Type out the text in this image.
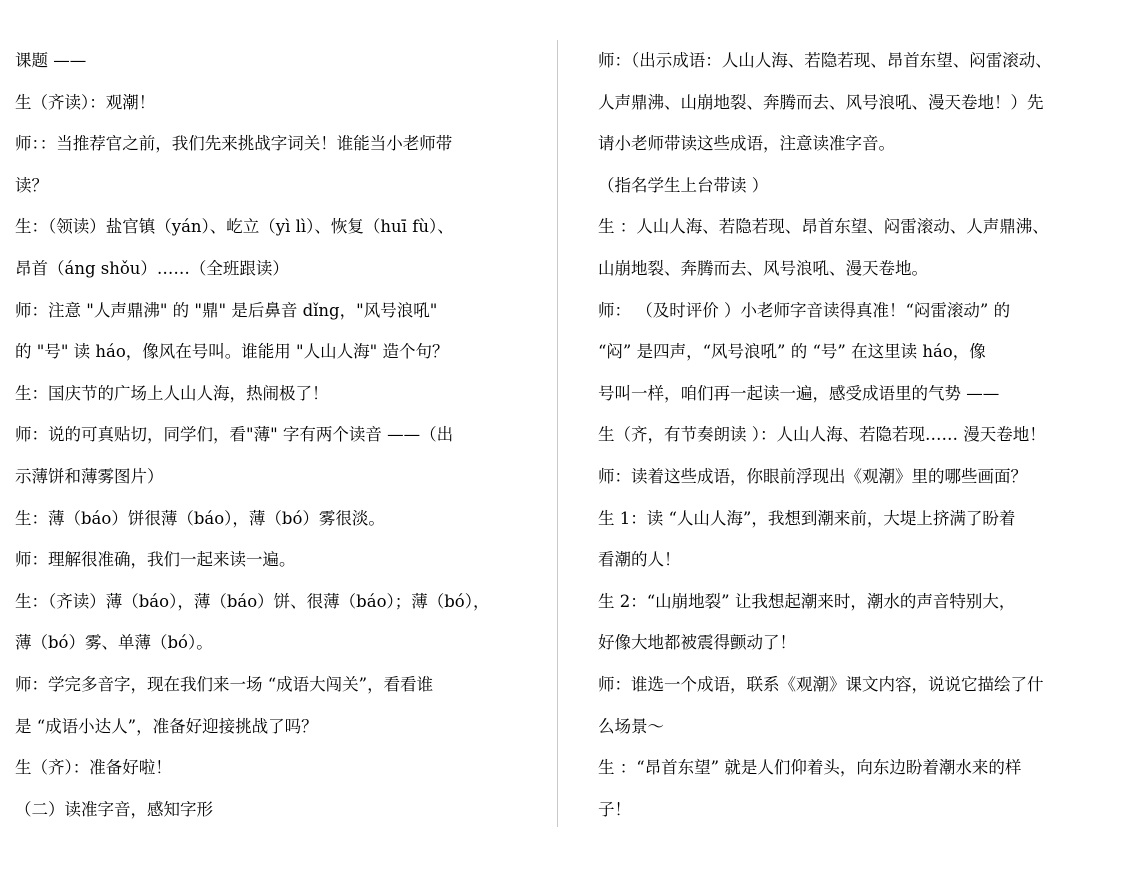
课题 ——
生（齐读）：观潮！
师：：当推荐官之前，我们先来挑战字词关！谁能当小老师带
读？
生：（领读）盐官镇（yán）、屹立（yì lì）、恢复（huī fù）、
昂首（áng shǒu）……（全班跟读）
师：注意 "人声鼎沸" 的 "鼎" 是后鼻音 dǐng，"风号浪吼"
的 "号" 读 háo，像风在号叫。谁能用 "人山人海" 造个句？
生：国庆节的广场上人山人海，热闹极了！
师：说的可真贴切，同学们，看"薄" 字有两个读音 ——（出
示薄饼和薄雾图片）
生：薄（báo）饼很薄（báo），薄（bó）雾很淡。
师：理解很准确，我们一起来读一遍。
生：（齐读）薄（báo），薄（báo）饼、很薄（báo）；薄（bó），
薄（bó）雾、单薄（bó）。
师：学完多音字，现在我们来一场 “成语大闯关”，看看谁
是 “成语小达人”，准备好迎接挑战了吗？
生（齐）：准备好啦！
（二）读准字音，感知字形
师：（出示成语：人山人海、若隐若现、昂首东望、闷雷滚动、
人声鼎沸、山崩地裂、奔腾而去、风号浪吼、漫天卷地！）先
请小老师带读这些成语，注意读准字音。
（指名学生上台带读 ）
生 ：人山人海、若隐若现、昂首东望、闷雷滚动、人声鼎沸、
山崩地裂、奔腾而去、风号浪吼、漫天卷地。
师： （及时评价 ）小老师字音读得真准！“闷雷滚动” 的
“闷” 是四声，“风号浪吼” 的 “号” 在这里读 háo，像
号叫一样，咱们再一起读一遍，感受成语里的气势 ——
生（齐，有节奏朗读 ）：人山人海、若隐若现…… 漫天卷地！
师：读着这些成语，你眼前浮现出《观潮》里的哪些画面？
生 1：读 “人山人海”，我想到潮来前，大堤上挤满了盼着
看潮的人！
生 2：“山崩地裂” 让我想起潮来时，潮水的声音特别大，
好像大地都被震得颤动了！
师：谁选一个成语，联系《观潮》课文内容，说说它描绘了什
么场景～
生 ：“昂首东望” 就是人们仰着头，向东边盼着潮水来的样
子！
